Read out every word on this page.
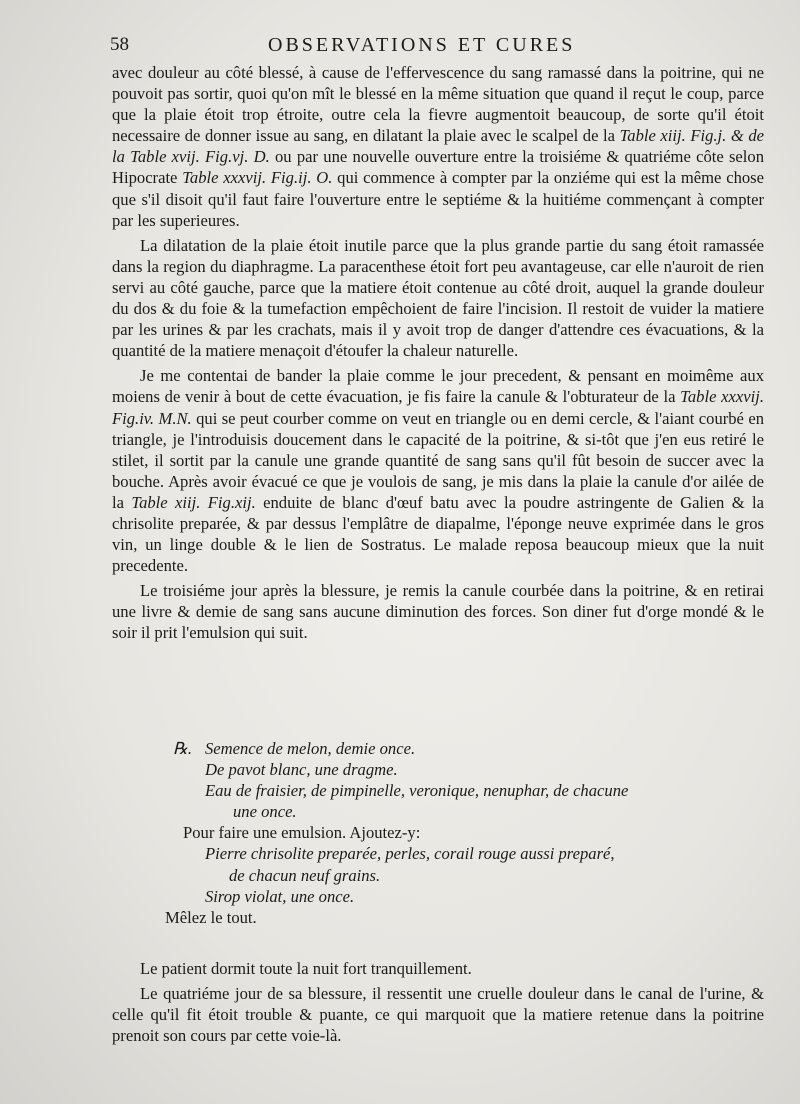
58	OBSERVATIONS ET CURES

avec douleur au côté blessé, à cause de l'effervescence du sang ramassé dans la poitrine, qui ne pouvoit pas sortir, quoi qu'on mît le blessé en la même situation que quand il reçut le coup, parce que la plaie étoit trop étroite, outre cela la fievre augmentoit beaucoup, de sorte qu'il étoit necessaire de donner issue au sang, en dilatant la plaie avec le scalpel de la Table xiij. Fig.j. & de la Table xvij. Fig.vj. D. ou par une nouvelle ouverture entre la troisiéme & quatriéme côte selon Hipocrate Table xxxvij. Fig.ij. O. qui commence à compter par la onziéme qui est la même chose que s'il disoit qu'il faut faire l'ouverture entre le septiéme & la huitiéme commençant à compter par les superieures.

La dilatation de la plaie étoit inutile parce que la plus grande partie du sang étoit ramassée dans la region du diaphragme. La paracenthese étoit fort peu avantageuse, car elle n'auroit de rien servi au côté gauche, parce que la matiere étoit contenue au côté droit, auquel la grande douleur du dos & du foie & la tumefaction empêchoient de faire l'incision. Il restoit de vuider la matiere par les urines & par les crachats, mais il y avoit trop de danger d'attendre ces évacuations, & la quantité de la matiere menaçoit d'étoufer la chaleur naturelle.

Je me contentai de bander la plaie comme le jour precedent, & pensant en moimême aux moiens de venir à bout de cette évacuation, je fis faire la canule & l'obturateur de la Table xxxvij. Fig.iv. M.N. qui se peut courber comme on veut en triangle ou en demi cercle, & l'aiant courbé en triangle, je l'introduisis doucement dans le capacité de la poitrine, & si-tôt que j'en eus retiré le stilet, il sortit par la canule une grande quantité de sang sans qu'il fût besoin de succer avec la bouche. Après avoir évacué ce que je voulois de sang, je mis dans la plaie la canule d'or ailée de la Table xiij. Fig.xij. enduite de blanc d'œuf batu avec la poudre astringente de Galien & la chrisolite preparée, & par dessus l'emplâtre de diapalme, l'éponge neuve exprimée dans le gros vin, un linge double & le lien de Sostratus. Le malade reposa beaucoup mieux que la nuit precedente.

Le troisiéme jour après la blessure, je remis la canule courbée dans la poitrine, & en retirai une livre & demie de sang sans aucune diminution des forces. Son diner fut d'orge mondé & le soir il prit l'emulsion qui suit.

℞. Semence de melon, demie once.
De pavot blanc, une dragme.
Eau de fraisier, de pimpinelle, veronique, nenuphar, de chacune
une once.
Pour faire une emulsion. Ajoutez-y:
Pierre chrisolite preparée, perles, corail rouge aussi preparé,
de chacun neuf grains.
Sirop violat, une once.
Mêlez le tout.

Le patient dormit toute la nuit fort tranquillement.

Le quatriéme jour de sa blessure, il ressentit une cruelle douleur dans le canal de l'urine, & celle qu'il fit étoit trouble & puante, ce qui marquoit que la matiere retenue dans la poitrine prenoit son cours par cette voie-là.
